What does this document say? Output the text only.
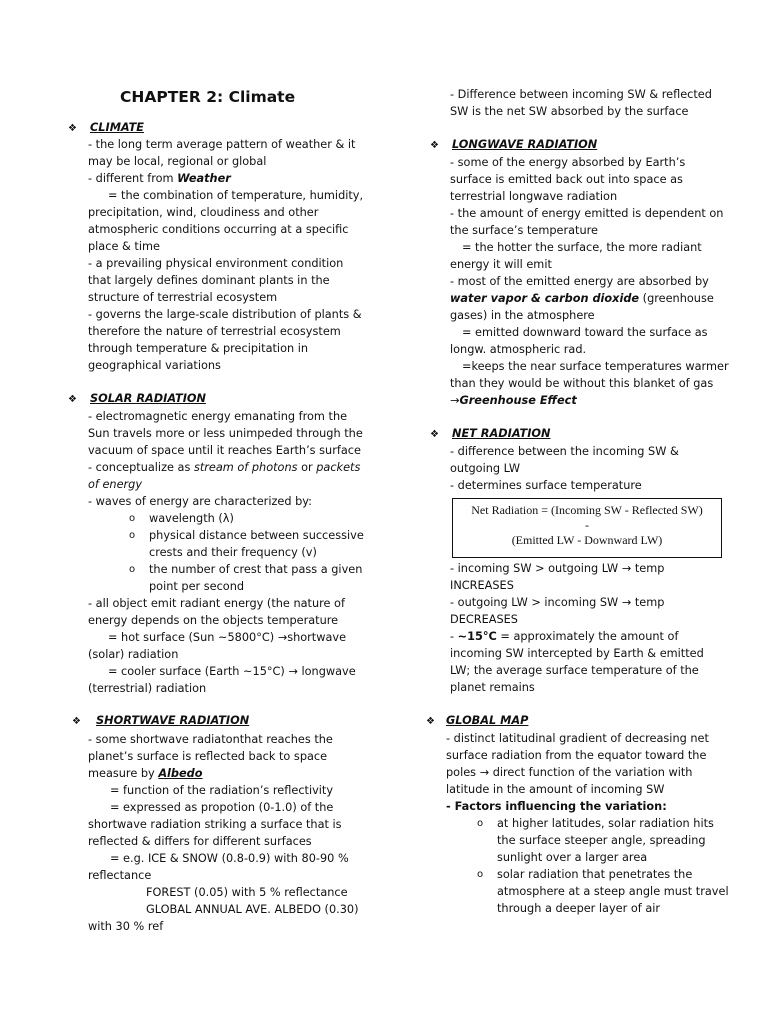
CHAPTER 2: Climate
❖ CLIMATE
- the long term average pattern of weather & it
may be local, regional or global
- different from Weather
= the combination of temperature, humidity,
precipitation, wind, cloudiness and other
atmospheric conditions occurring at a specific
place & time
- a prevailing physical environment condition
that largely defines dominant plants in the
structure of terrestrial ecosystem
- governs the large-scale distribution of plants &
therefore the nature of terrestrial ecosystem
through temperature & precipitation in
geographical variations
❖ SOLAR RADIATION
- electromagnetic energy emanating from the
Sun travels more or less unimpeded through the
vacuum of space until it reaches Earth’s surface
- conceptualize as stream of photons or packets
of energy
- waves of energy are characterized by:
o wavelength (λ)
o physical distance between successive
crests and their frequency (v)
o the number of crest that pass a given
point per second
- all object emit radiant energy (the nature of
energy depends on the objects temperature
= hot surface (Sun ~5800°C) →shortwave
(solar) radiation
= cooler surface (Earth ~15°C) → longwave
(terrestrial) radiation
❖ SHORTWAVE RADIATION
- some shortwave radiatonthat reaches the
planet’s surface is reflected back to space
measure by Albedo
= function of the radiation’s reflectivity
= expressed as propotion (0-1.0) of the
shortwave radiation striking a surface that is
reflected & differs for different surfaces
= e.g. ICE & SNOW (0.8-0.9) with 80-90 %
reflectance
FOREST (0.05) with 5 % reflectance
GLOBAL ANNUAL AVE. ALBEDO (0.30)
with 30 % ref
- Difference between incoming SW & reflected
SW is the net SW absorbed by the surface
❖ LONGWAVE RADIATION
- some of the energy absorbed by Earth’s
surface is emitted back out into space as
terrestrial longwave radiation
- the amount of energy emitted is dependent on
the surface’s temperature
= the hotter the surface, the more radiant
energy it will emit
- most of the emitted energy are absorbed by
water vapor & carbon dioxide (greenhouse
gases) in the atmosphere
= emitted downward toward the surface as
longw. atmospheric rad.
=keeps the near surface temperatures warmer
than they would be without this blanket of gas
→Greenhouse Effect
❖ NET RADIATION
- difference between the incoming SW &
outgoing LW
- determines surface temperature
- incoming SW > outgoing LW → temp
INCREASES
- outgoing LW > incoming SW → temp
DECREASES
- ~15°C = approximately the amount of
incoming SW intercepted by Earth & emitted
LW; the average surface temperature of the
planet remains
❖ GLOBAL MAP
- distinct latitudinal gradient of decreasing net
surface radiation from the equator toward the
poles → direct function of the variation with
latitude in the amount of incoming SW
- Factors influencing the variation:
o at higher latitudes, solar radiation hits
the surface steeper angle, spreading
sunlight over a larger area
o solar radiation that penetrates the
atmosphere at a steep angle must travel
through a deeper layer of air
Net Radiation = (Incoming SW - Reflected SW)
-
(Emitted LW - Downward LW)
